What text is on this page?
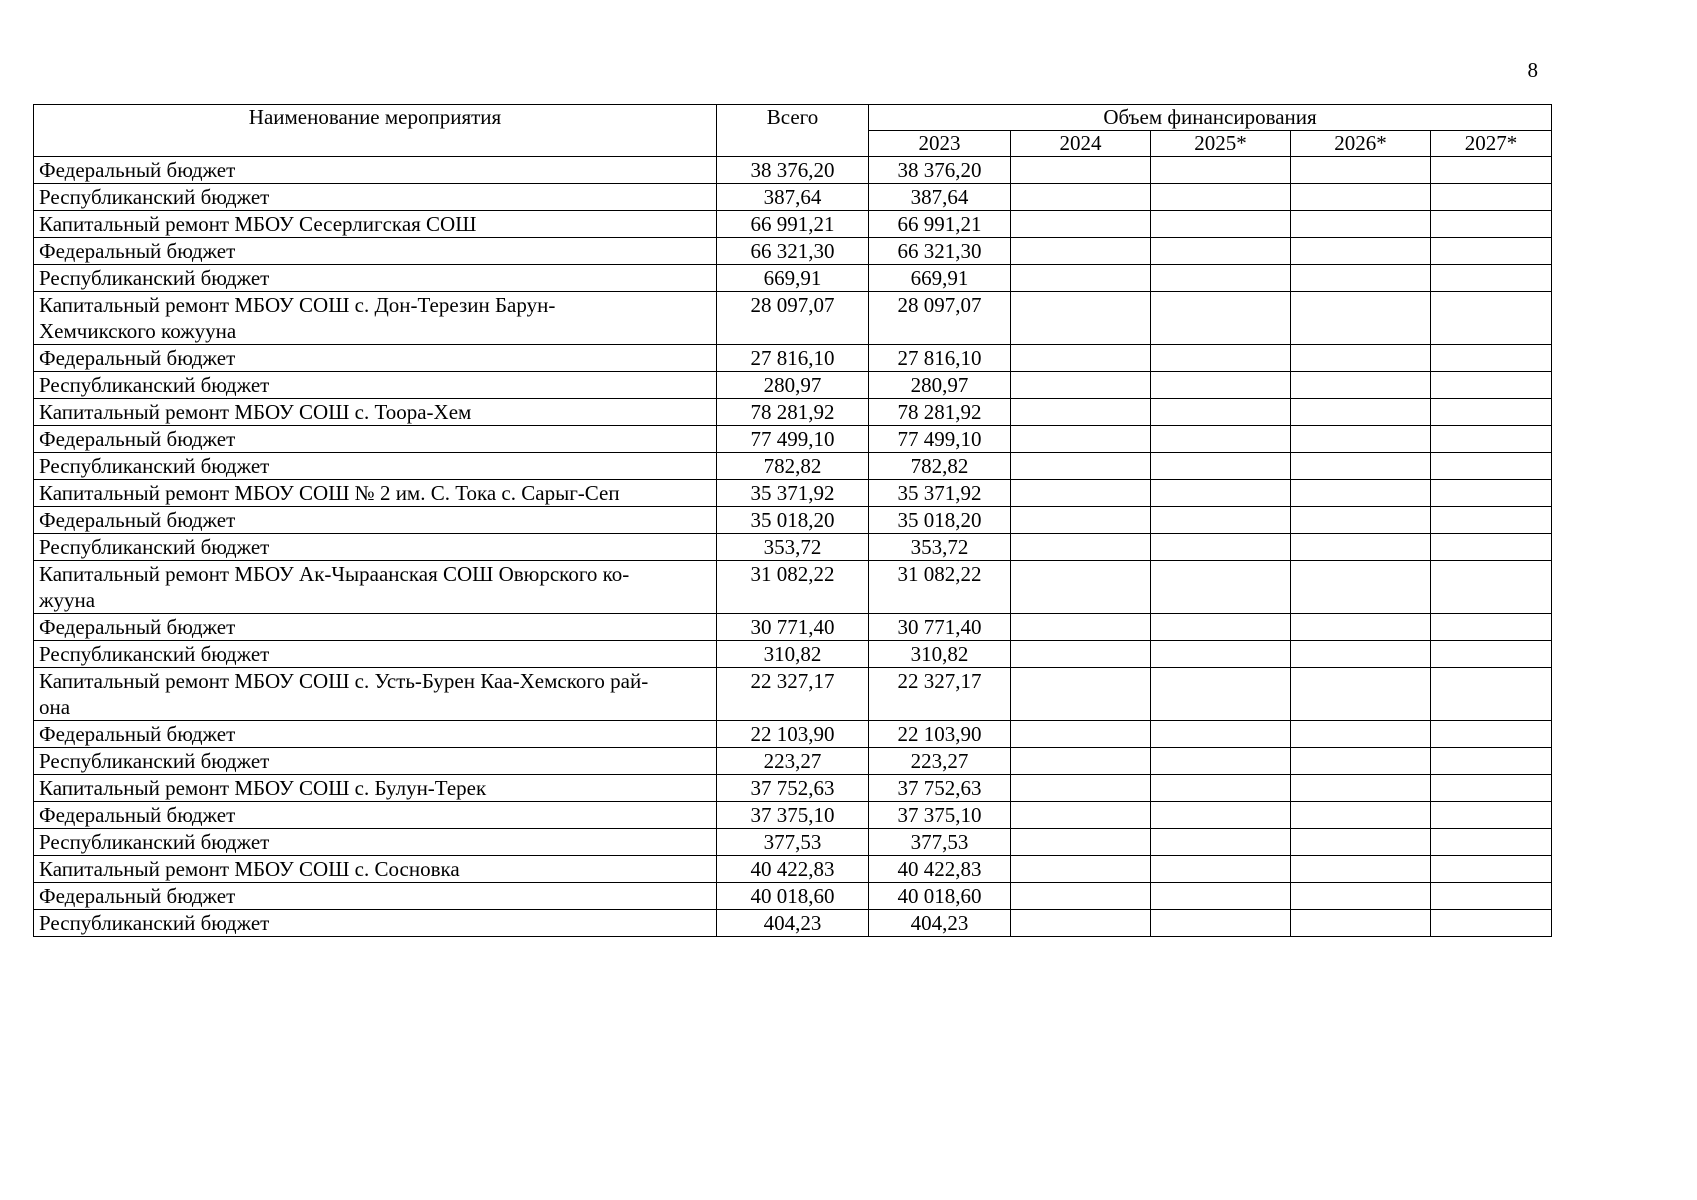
8
Наименование мероприятия	Всего	Объем финансирования				
		2023	2024	2025*	2026*	2027*

Федеральный бюджет	38 376,20	38 376,20				

Республиканский бюджет	387,64	387,64				

Капитальный ремонт МБОУ Сесерлигская СОШ	66 991,21	66 991,21				

Федеральный бюджет	66 321,30	66 321,30				

Республиканский бюджет	669,91	669,91				

Капитальный ремонт МБОУ СОШ с. Дон-Терезин Барун-
Хемчикского кожууна	28 097,07	28 097,07				

Федеральный бюджет	27 816,10	27 816,10				

Республиканский бюджет	280,97	280,97				

Капитальный ремонт МБОУ СОШ с. Тоора-Хем	78 281,92	78 281,92				

Федеральный бюджет	77 499,10	77 499,10				

Республиканский бюджет	782,82	782,82				

Капитальный ремонт МБОУ СОШ № 2 им. С. Тока с. Сарыг-Сеп	35 371,92	35 371,92				

Федеральный бюджет	35 018,20	35 018,20				

Республиканский бюджет	353,72	353,72				

Капитальный ремонт МБОУ Ак-Чыраанская СОШ Овюрского ко-
жууна	31 082,22	31 082,22				

Федеральный бюджет	30 771,40	30 771,40				

Республиканский бюджет	310,82	310,82				

Капитальный ремонт МБОУ СОШ с. Усть-Бурен Каа-Хемского рай-
она	22 327,17	22 327,17				

Федеральный бюджет	22 103,90	22 103,90				

Республиканский бюджет	223,27	223,27				

Капитальный ремонт МБОУ СОШ с. Булун-Терек	37 752,63	37 752,63				

Федеральный бюджет	37 375,10	37 375,10				

Республиканский бюджет	377,53	377,53				

Капитальный ремонт МБОУ СОШ с. Сосновка	40 422,83	40 422,83				

Федеральный бюджет	40 018,60	40 018,60				

Республиканский бюджет	404,23	404,23				
